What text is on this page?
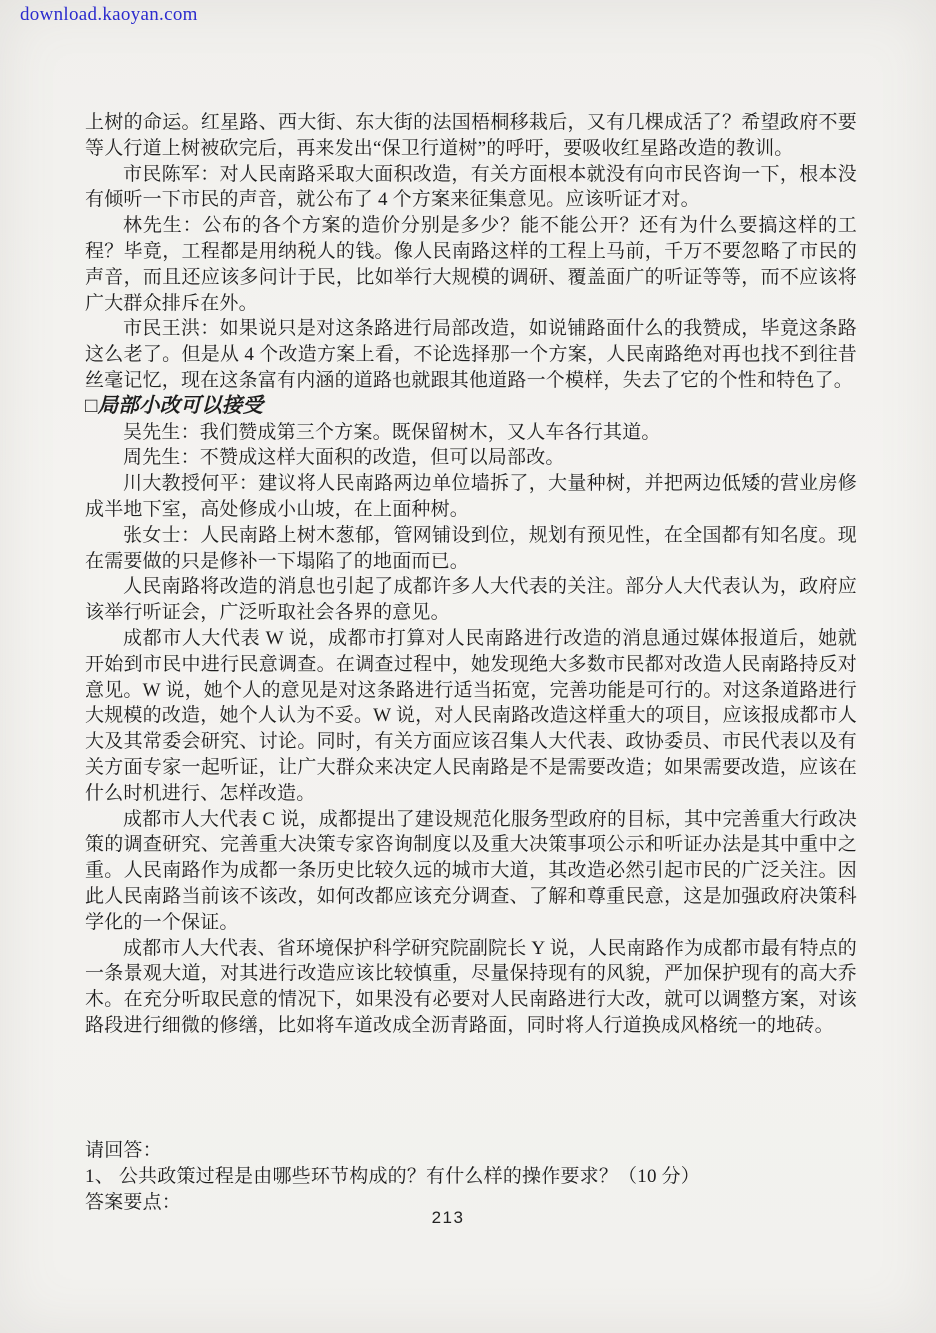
download.kaoyan.com

上树的命运。红星路、西大街、东大街的法国梧桐移栽后，又有几棵成活了？希望政府不要等人行道上树被砍完后，再来发出“保卫行道树”的呼吁，要吸收红星路改造的教训。

市民陈军：对人民南路采取大面积改造，有关方面根本就没有向市民咨询一下，根本没有倾听一下市民的声音，就公布了 4 个方案来征集意见。应该听证才对。

林先生：公布的各个方案的造价分别是多少？能不能公开？还有为什么要搞这样的工程？毕竟，工程都是用纳税人的钱。像人民南路这样的工程上马前，千万不要忽略了市民的声音，而且还应该多问计于民，比如举行大规模的调研、覆盖面广的听证等等，而不应该将广大群众排斥在外。

市民王洪：如果说只是对这条路进行局部改造，如说铺路面什么的我赞成，毕竟这条路这么老了。但是从 4 个改造方案上看，不论选择那一个方案，人民南路绝对再也找不到往昔丝毫记忆，现在这条富有内涵的道路也就跟其他道路一个模样，失去了它的个性和特色了。

□局部小改可以接受

吴先生：我们赞成第三个方案。既保留树木，又人车各行其道。

周先生：不赞成这样大面积的改造，但可以局部改。

川大教授何平：建议将人民南路两边单位墙拆了，大量种树，并把两边低矮的营业房修成半地下室，高处修成小山坡，在上面种树。

张女士：人民南路上树木葱郁，管网铺设到位，规划有预见性，在全国都有知名度。现在需要做的只是修补一下塌陷了的地面而已。

人民南路将改造的消息也引起了成都许多人大代表的关注。部分人大代表认为，政府应该举行听证会，广泛听取社会各界的意见。

成都市人大代表 W 说，成都市打算对人民南路进行改造的消息通过媒体报道后，她就开始到市民中进行民意调查。在调查过程中，她发现绝大多数市民都对改造人民南路持反对意见。W 说，她个人的意见是对这条路进行适当拓宽，完善功能是可行的。对这条道路进行大规模的改造，她个人认为不妥。W 说，对人民南路改造这样重大的项目，应该报成都市人大及其常委会研究、讨论。同时，有关方面应该召集人大代表、政协委员、市民代表以及有关方面专家一起听证，让广大群众来决定人民南路是不是需要改造；如果需要改造，应该在什么时机进行、怎样改造。

成都市人大代表 C 说，成都提出了建设规范化服务型政府的目标，其中完善重大行政决策的调查研究、完善重大决策专家咨询制度以及重大决策事项公示和听证办法是其中重中之重。人民南路作为成都一条历史比较久远的城市大道，其改造必然引起市民的广泛关注。因此人民南路当前该不该改，如何改都应该充分调查、了解和尊重民意，这是加强政府决策科学化的一个保证。

成都市人大代表、省环境保护科学研究院副院长 Y 说，人民南路作为成都市最有特点的一条景观大道，对其进行改造应该比较慎重，尽量保持现有的风貌，严加保护现有的高大乔木。在充分听取民意的情况下，如果没有必要对人民南路进行大改，就可以调整方案，对该路段进行细微的修缮，比如将车道改成全沥青路面，同时将人行道换成风格统一的地砖。

请回答：

1、 公共政策过程是由哪些环节构成的？有什么样的操作要求？（10 分）

答案要点：

213
